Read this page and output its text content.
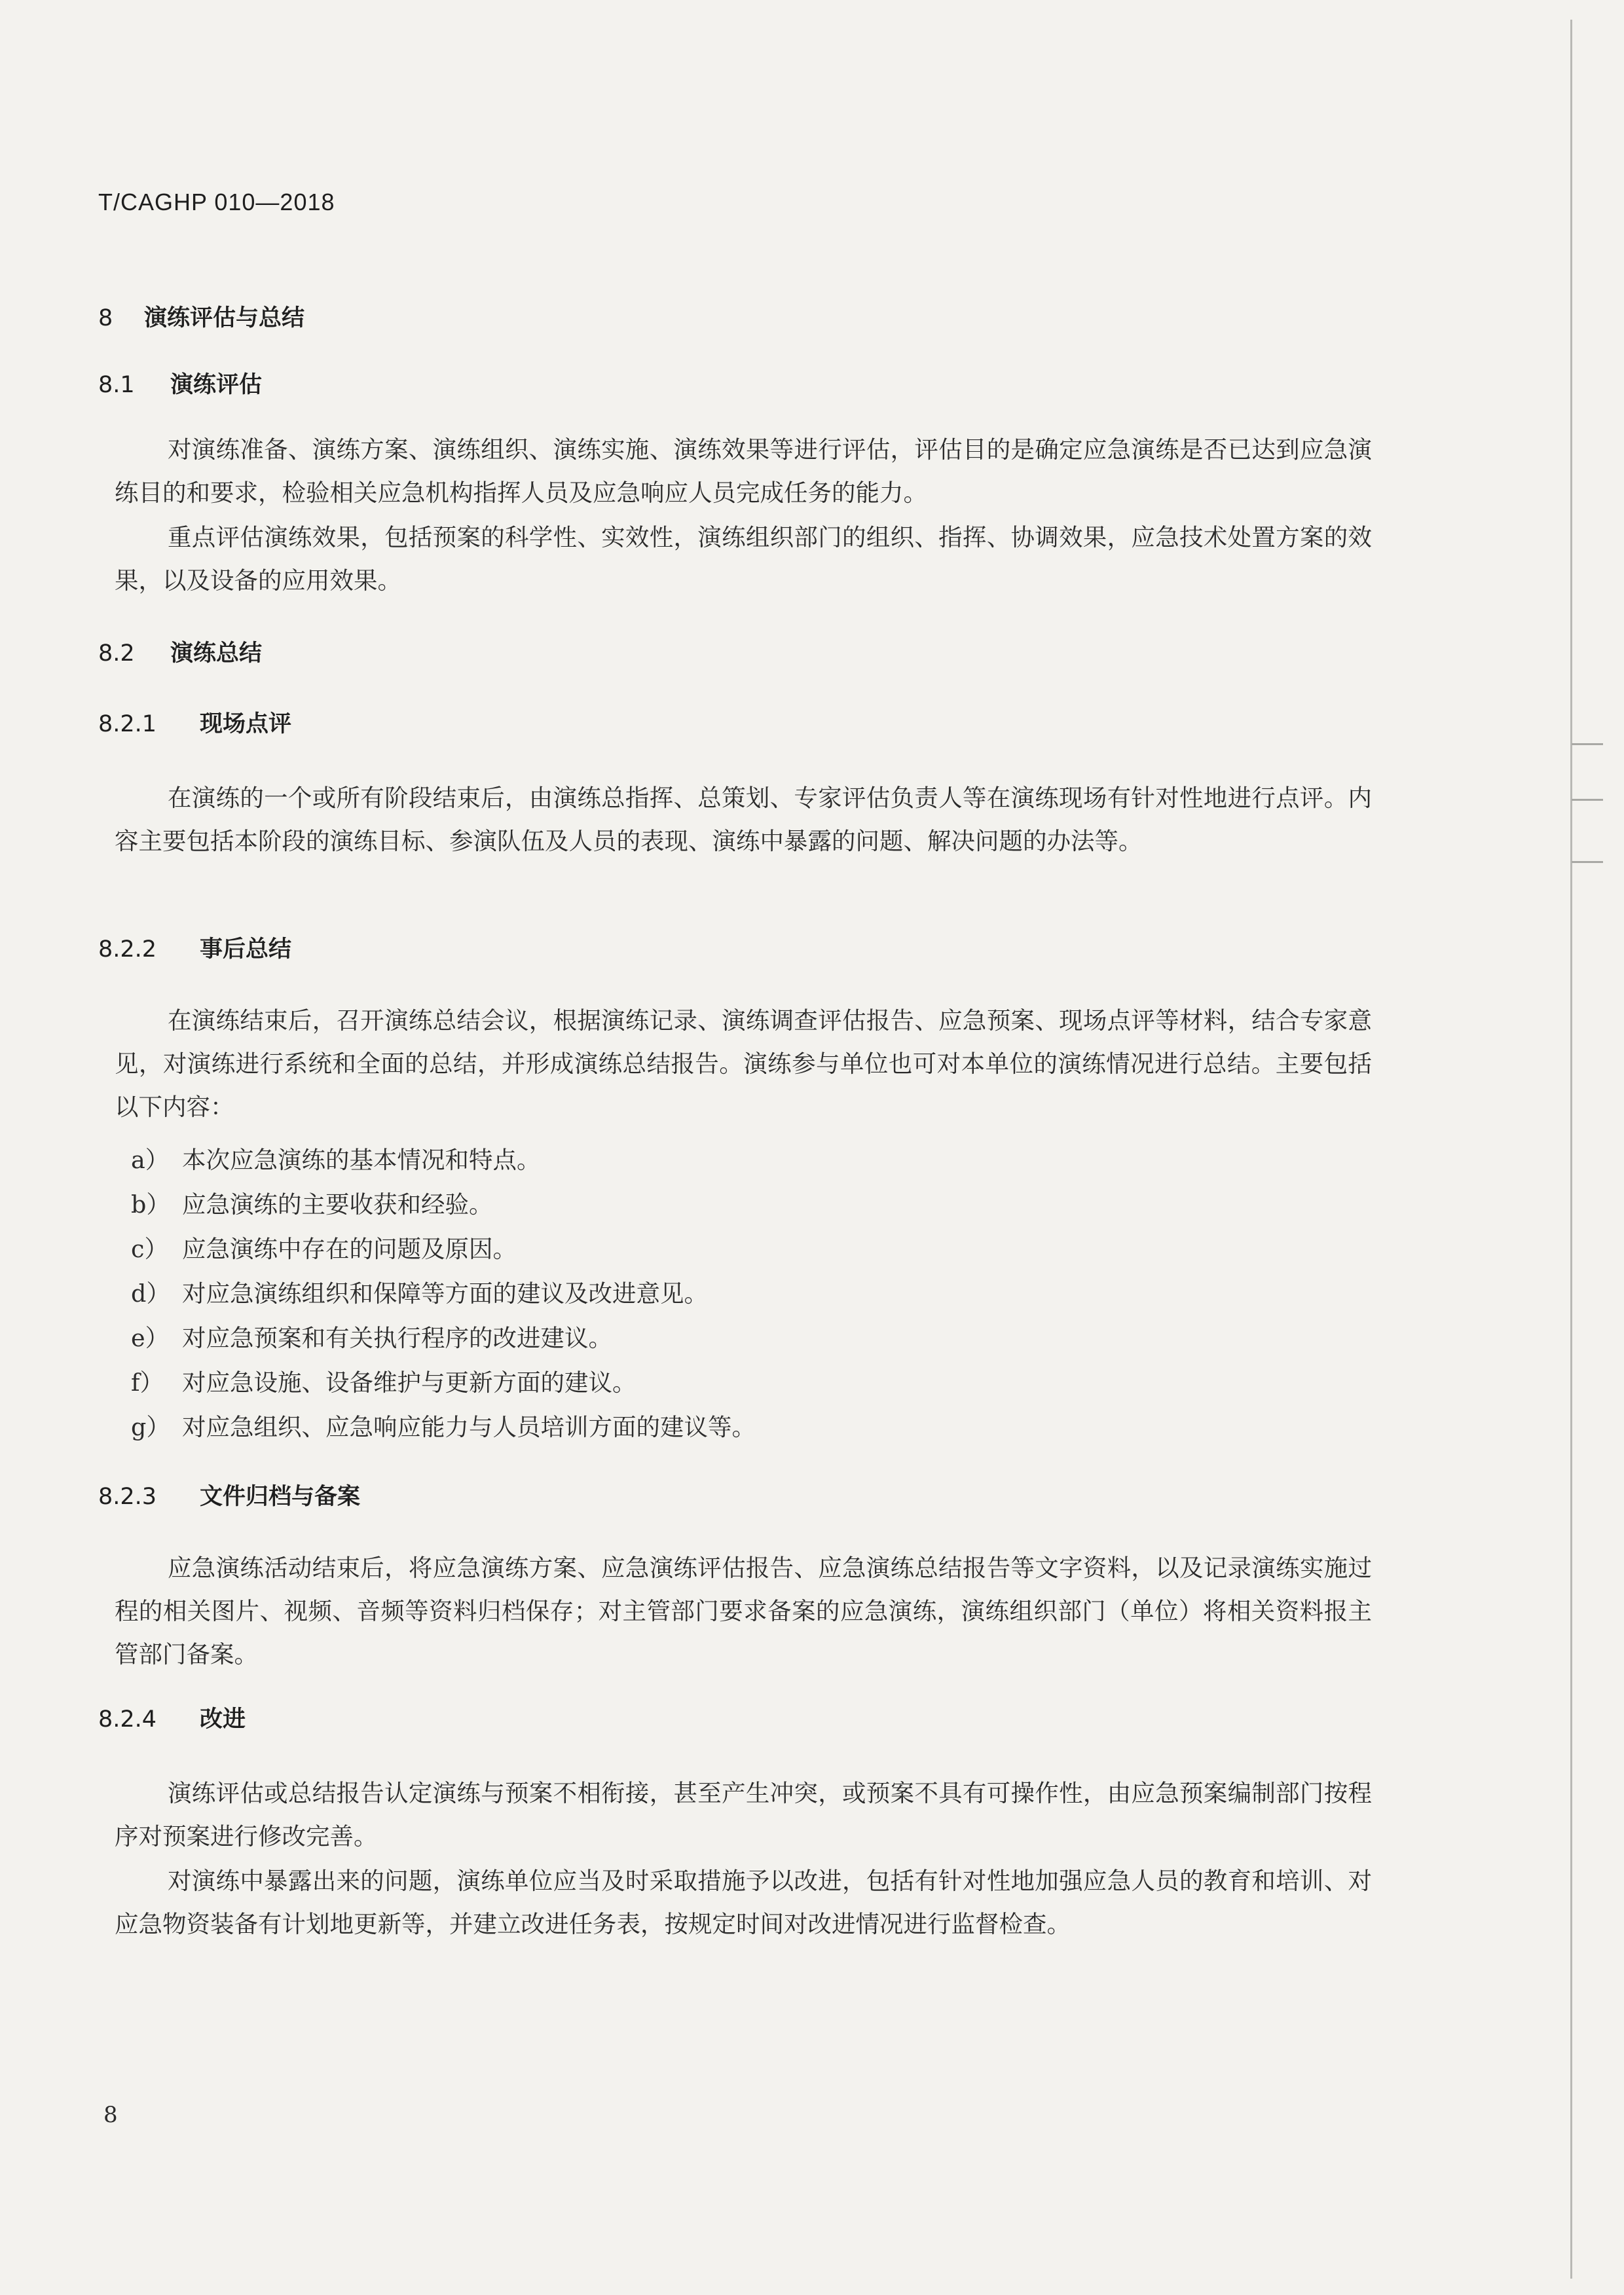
T/CAGHP 010—2018
8 演练评估与总结
8.1 演练评估

对演练准备、演练方案、演练组织、演练实施、演练效果等进行评估，评估目的是确定应急演练是否已达到应急演练目的和要求，检验相关应急机构指挥人员及应急响应人员完成任务的能力。

重点评估演练效果，包括预案的科学性、实效性，演练组织部门的组织、指挥、协调效果，应急技术处置方案的效果，以及设备的应用效果。

8.2 演练总结
8.2.1 现场点评

在演练的一个或所有阶段结束后，由演练总指挥、总策划、专家评估负责人等在演练现场有针对性地进行点评。内容主要包括本阶段的演练目标、参演队伍及人员的表现、演练中暴露的问题、解决问题的办法等。

8.2.2 事后总结

在演练结束后，召开演练总结会议，根据演练记录、演练调查评估报告、应急预案、现场点评等材料，结合专家意见，对演练进行系统和全面的总结，并形成演练总结报告。演练参与单位也可对本单位的演练情况进行总结。主要包括以下内容：

a） 本次应急演练的基本情况和特点。
b） 应急演练的主要收获和经验。
c） 应急演练中存在的问题及原因。
d） 对应急演练组织和保障等方面的建议及改进意见。
e） 对应急预案和有关执行程序的改进建议。
f） 对应急设施、设备维护与更新方面的建议。
g） 对应急组织、应急响应能力与人员培训方面的建议等。
8.2.3 文件归档与备案

应急演练活动结束后，将应急演练方案、应急演练评估报告、应急演练总结报告等文字资料，以及记录演练实施过程的相关图片、视频、音频等资料归档保存；对主管部门要求备案的应急演练，演练组织部门（单位）将相关资料报主管部门备案。

8.2.4 改进

演练评估或总结报告认定演练与预案不相衔接，甚至产生冲突，或预案不具有可操作性，由应急预案编制部门按程序对预案进行修改完善。

对演练中暴露出来的问题，演练单位应当及时采取措施予以改进，包括有针对性地加强应急人员的教育和培训、对应急物资装备有计划地更新等，并建立改进任务表，按规定时间对改进情况进行监督检查。

8
